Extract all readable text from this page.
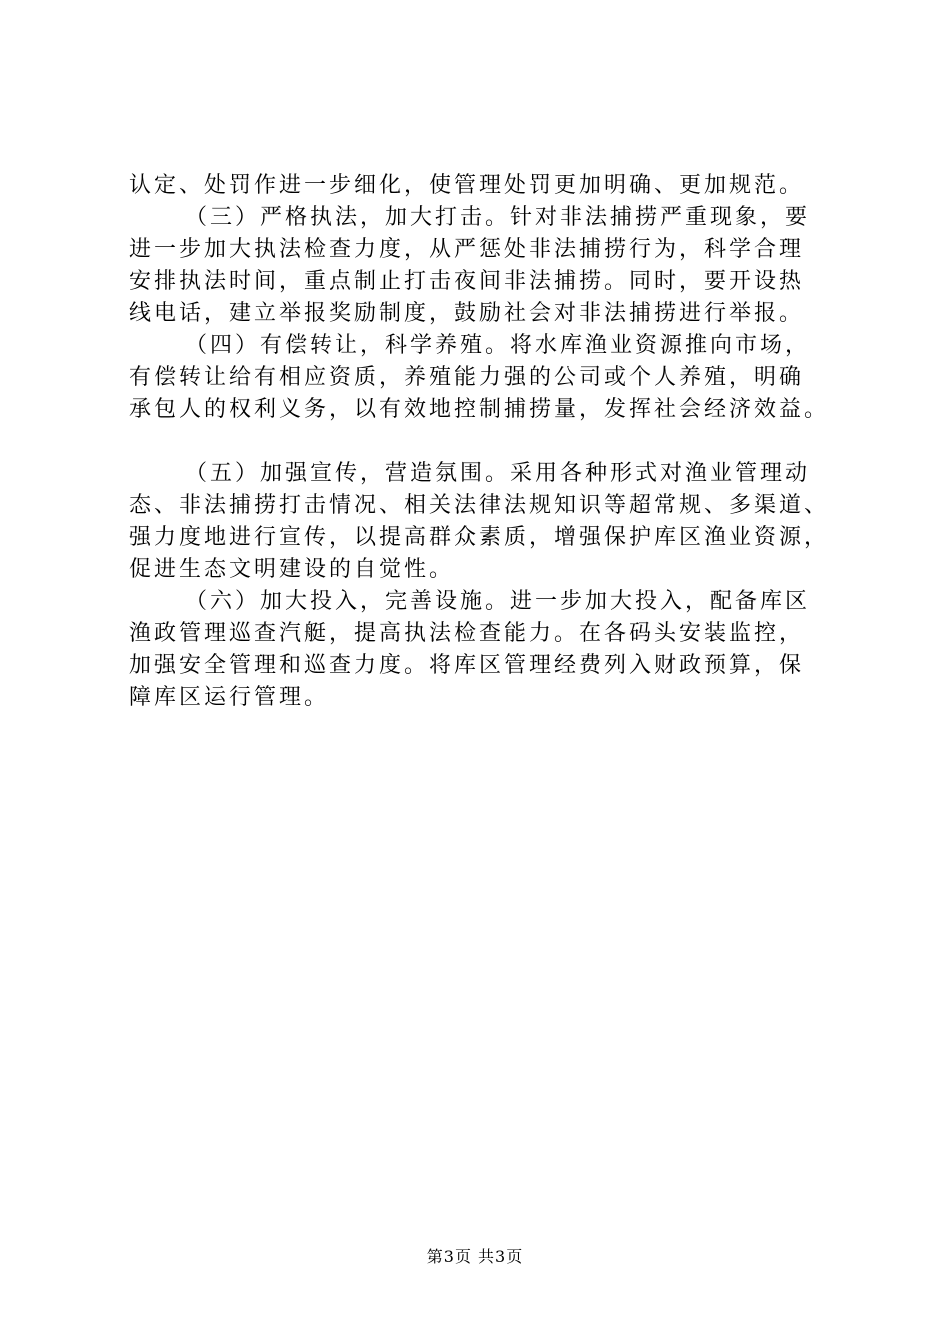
认定、处罚作进一步细化，使管理处罚更加明确、更加规范。
（三）严格执法，加大打击。针对非法捕捞严重现象，要
进一步加大执法检查力度，从严惩处非法捕捞行为，科学合理
安排执法时间，重点制止打击夜间非法捕捞。同时，要开设热
线电话，建立举报奖励制度，鼓励社会对非法捕捞进行举报。
（四）有偿转让，科学养殖。将水库渔业资源推向市场，
有偿转让给有相应资质，养殖能力强的公司或个人养殖，明确
承包人的权利义务，以有效地控制捕捞量，发挥社会经济效益。
（五）加强宣传，营造氛围。采用各种形式对渔业管理动
态、非法捕捞打击情况、相关法律法规知识等超常规、多渠道、
强力度地进行宣传，以提高群众素质，增强保护库区渔业资源，
促进生态文明建设的自觉性。
（六）加大投入，完善设施。进一步加大投入，配备库区
渔政管理巡查汽艇，提高执法检查能力。在各码头安装监控，
加强安全管理和巡查力度。将库区管理经费列入财政预算，保
障库区运行管理。
第3页 共3页
